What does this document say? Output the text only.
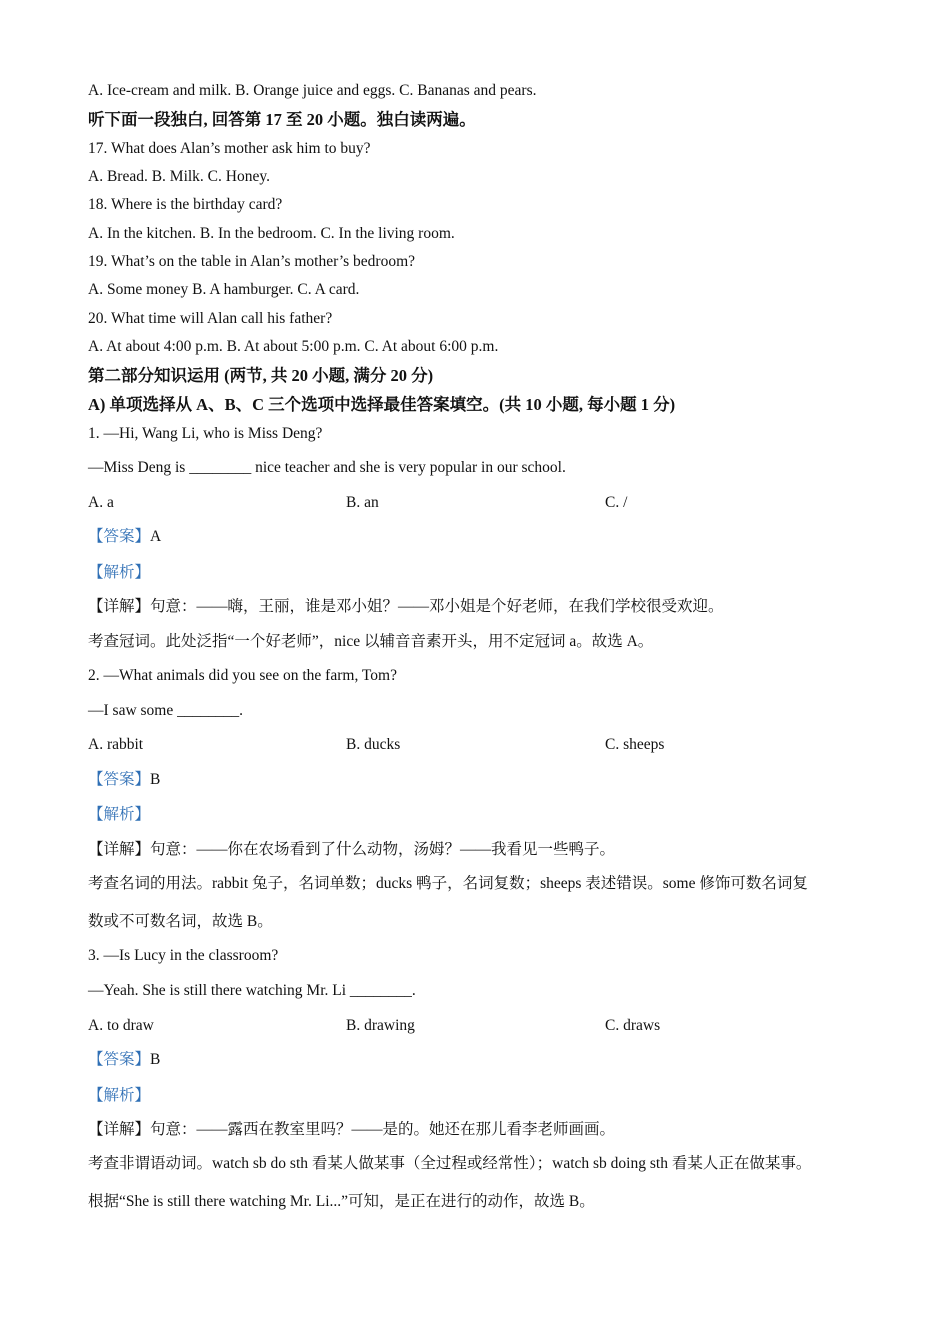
A. Ice-cream and milk. B. Orange juice and eggs. C. Bananas and pears.
听下面一段独白, 回答第 17 至 20 小题。独白读两遍。
17. What does Alan’s mother ask him to buy?
A. Bread. B. Milk. C. Honey.
18. Where is the birthday card?
A. In the kitchen. B. In the bedroom. C. In the living room.
19. What’s on the table in Alan’s mother’s bedroom?
A. Some money B. A hamburger. C. A card.
20. What time will Alan call his father?
A. At about 4:00 p.m. B. At about 5:00 p.m. C. At about 6:00 p.m.
第二部分知识运用 (两节, 共 20 小题, 满分 20 分)
A) 单项选择从 A、B、C 三个选项中选择最佳答案填空。(共 10 小题, 每小题 1 分)
1. —Hi, Wang Li, who is Miss Deng?
—Miss Deng is ________ nice teacher and she is very popular in our school.
A. a	B. an	C. /
【答案】A
【解析】
【详解】句意：——嗨，王丽，谁是邓小姐？——邓小姐是个好老师，在我们学校很受欢迎。
考查冠词。此处泛指“一个好老师”，nice 以辅音音素开头，用不定冠词 a。故选 A。
2. —What animals did you see on the farm, Tom?
—I saw some ________.
A. rabbit	B. ducks	C. sheeps
【答案】B
【解析】
【详解】句意：——你在农场看到了什么动物，汤姆？——我看见一些鸭子。
考查名词的用法。rabbit 兔子，名词单数；ducks 鸭子，名词复数；sheeps 表述错误。some 修饰可数名词复
数或不可数名词，故选 B。
3. —Is Lucy in the classroom?
—Yeah. She is still there watching Mr. Li ________.
A. to draw	B. drawing	C. draws
【答案】B
【解析】
【详解】句意：——露西在教室里吗？——是的。她还在那儿看李老师画画。
考查非谓语动词。watch sb do sth 看某人做某事（全过程或经常性）；watch sb doing sth 看某人正在做某事。
根据“She is still there watching Mr. Li...”可知，是正在进行的动作，故选 B。
